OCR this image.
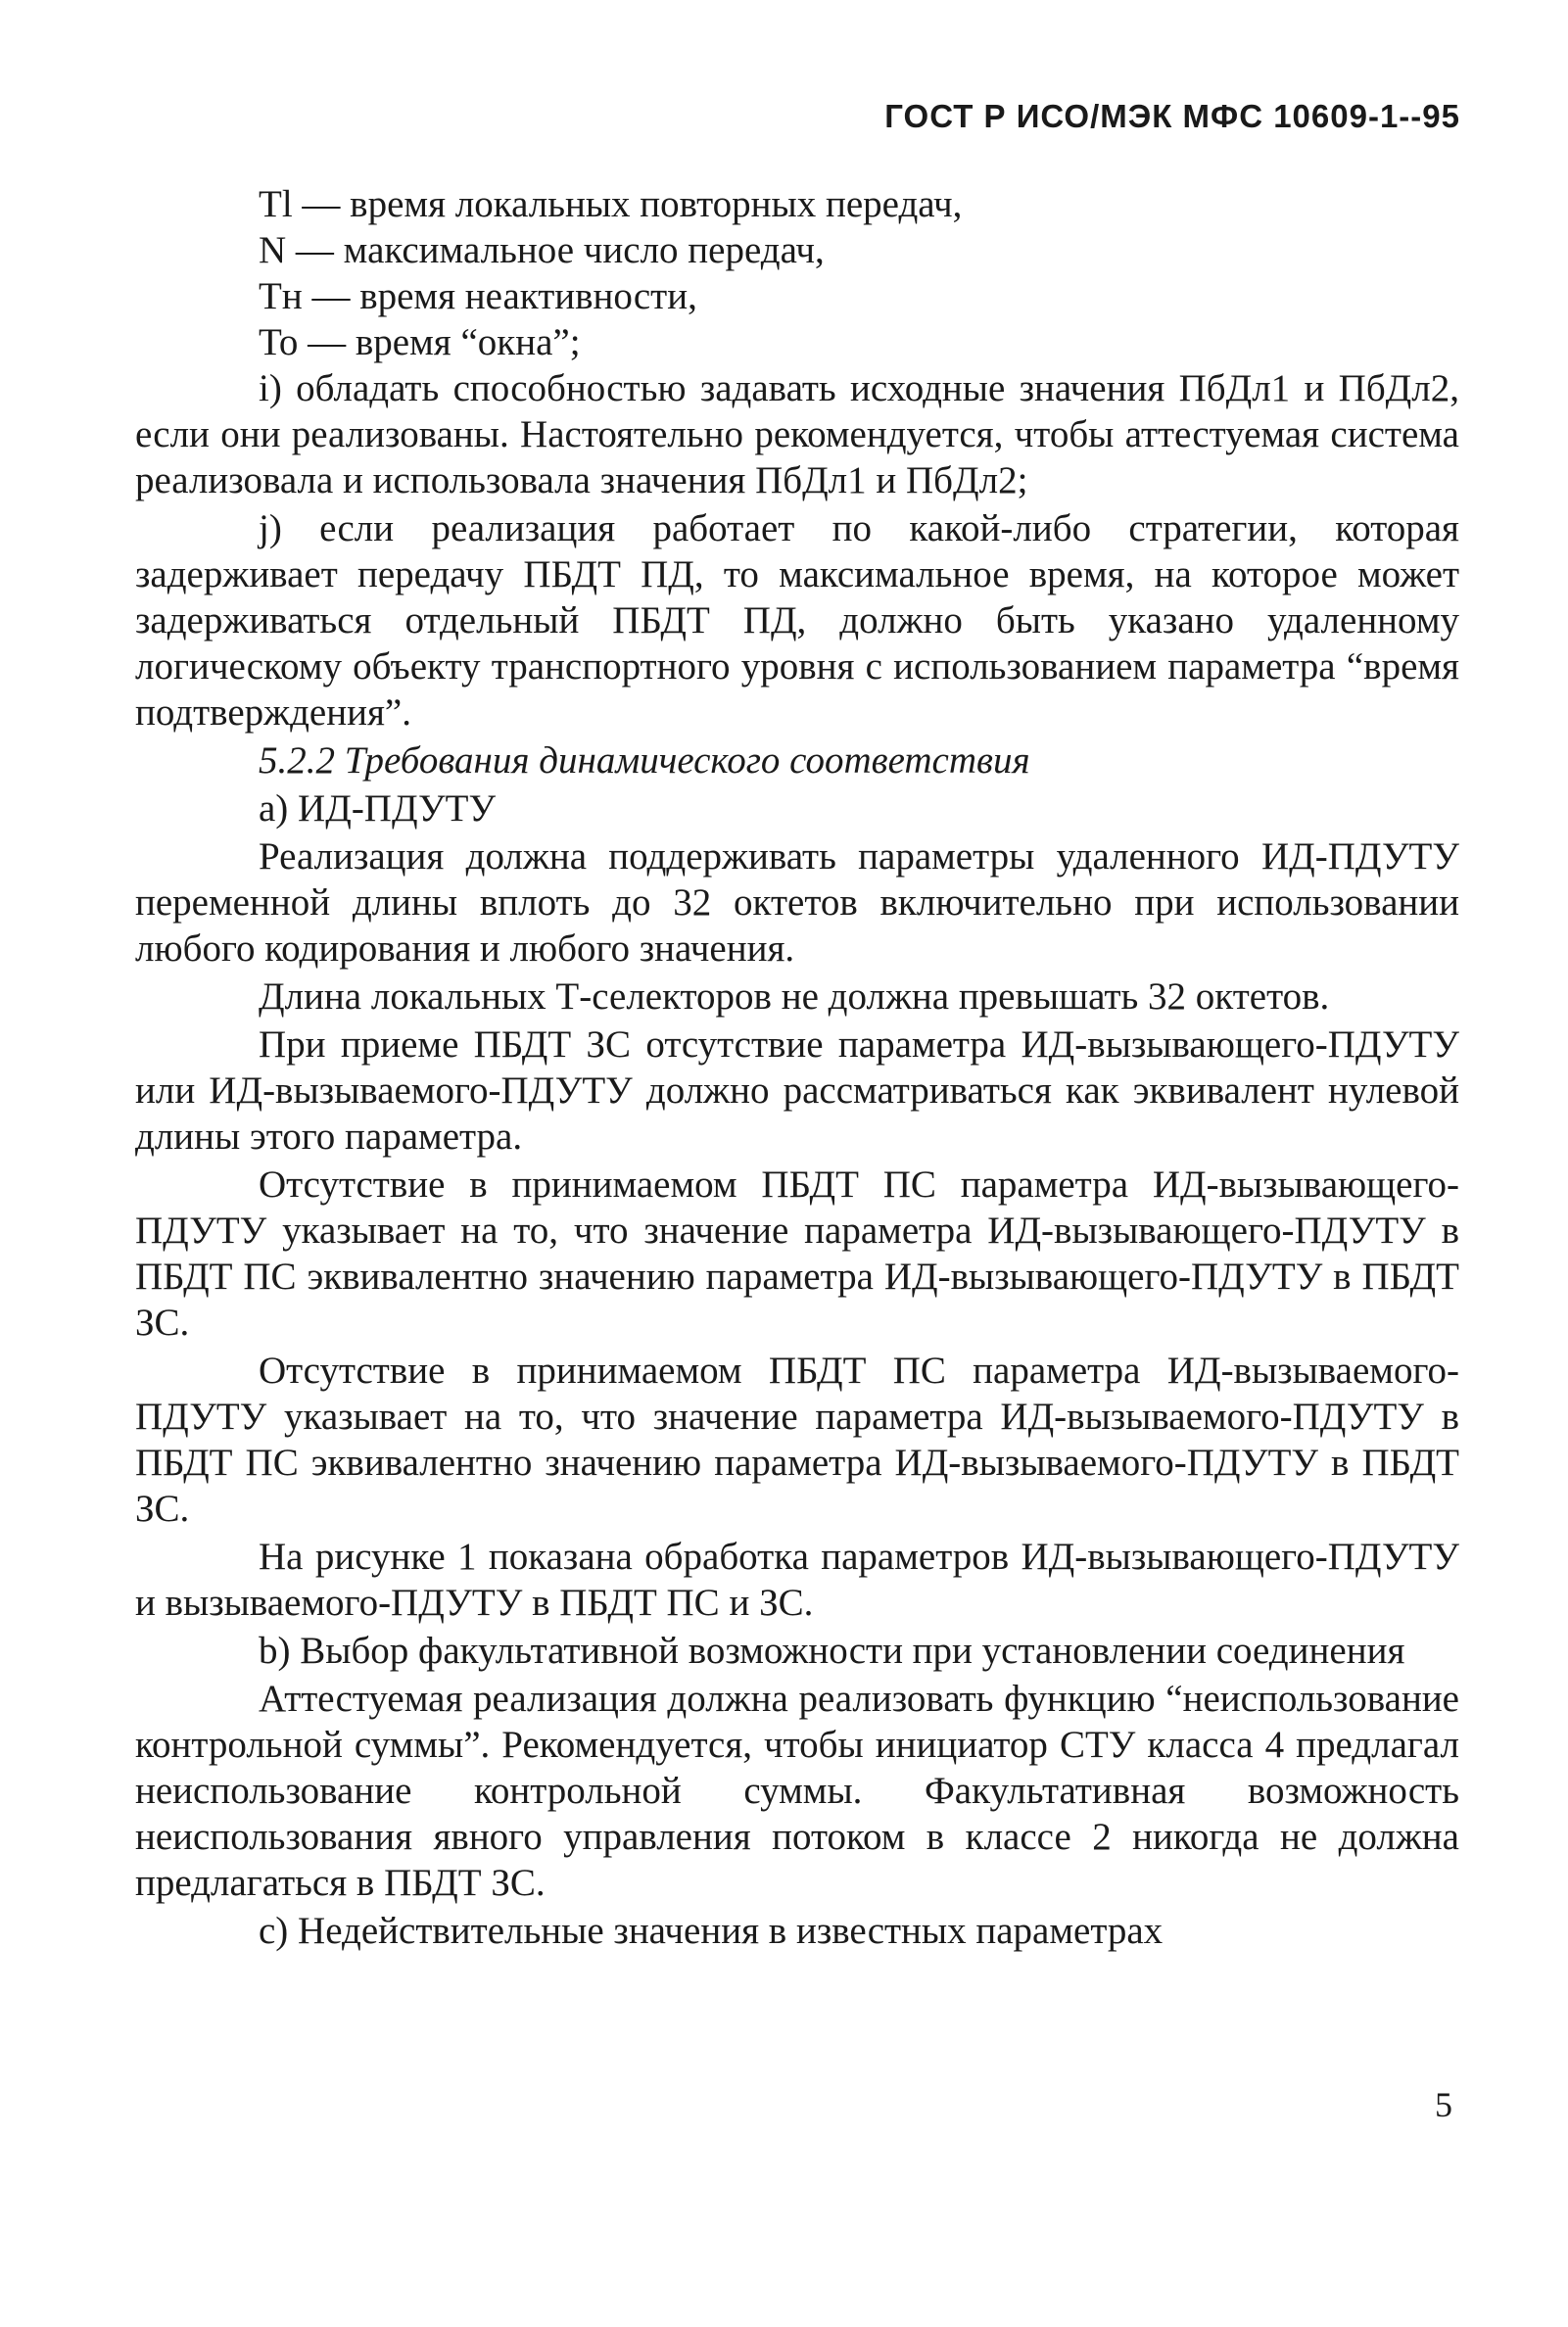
ГОСТ Р ИСО/МЭК МФС 10609-1--95
Tl — время локальных повторных передач,
N — максимальное число передач,
Тн — время неактивности,
То — время “окна”;

i) обладать способностью задавать исходные значения ПбДл1 и ПбДл2, если они реализованы. Настоятельно рекомендуется, чтобы аттестуемая система реализовала и использовала значения ПбДл1 и ПбДл2;

j) если реализация работает по какой-либо стратегии, которая задерживает передачу ПБДТ ПД, то максимальное время, на которое может задерживаться отдельный ПБДТ ПД, должно быть указано удаленному логическому объекту транспортного уровня с использованием параметра “время подтверждения”.

5.2.2 Требования динамического соответствия

а) ИД-ПДУТУ

Реализация должна поддерживать параметры удаленного ИД-ПДУТУ переменной длины вплоть до 32 октетов включительно при использовании любого кодирования и любого значения.

Длина локальных Т-селекторов не должна превышать 32 октетов.

При приеме ПБДТ ЗС отсутствие параметра ИД-вызывающего-ПДУТУ или ИД-вызываемого-ПДУТУ должно рассматриваться как эквивалент нулевой длины этого параметра.

Отсутствие в принимаемом ПБДТ ПС параметра ИД-вызывающего-ПДУТУ указывает на то, что значение параметра ИД-вызывающего-ПДУТУ в ПБДТ ПС эквивалентно значению параметра ИД-вызывающего-ПДУТУ в ПБДТ ЗС.

Отсутствие в принимаемом ПБДТ ПС параметра ИД-вызываемого-ПДУТУ указывает на то, что значение параметра ИД-вызываемого-ПДУТУ в ПБДТ ПС эквивалентно значению параметра ИД-вызываемого-ПДУТУ в ПБДТ ЗС.

На рисунке 1 показана обработка параметров ИД-вызывающего-ПДУТУ и вызываемого-ПДУТУ в ПБДТ ПС и ЗС.

b) Выбор факультативной возможности при установлении соединения

Аттестуемая реализация должна реализовать функцию “неиспользование контрольной суммы”. Рекомендуется, чтобы инициатор СТУ класса 4 предлагал неиспользование контрольной суммы. Факультативная возможность неиспользования явного управления потоком в классе 2 никогда не должна предлагаться в ПБДТ ЗС.

с) Недействительные значения в известных параметрах

5
